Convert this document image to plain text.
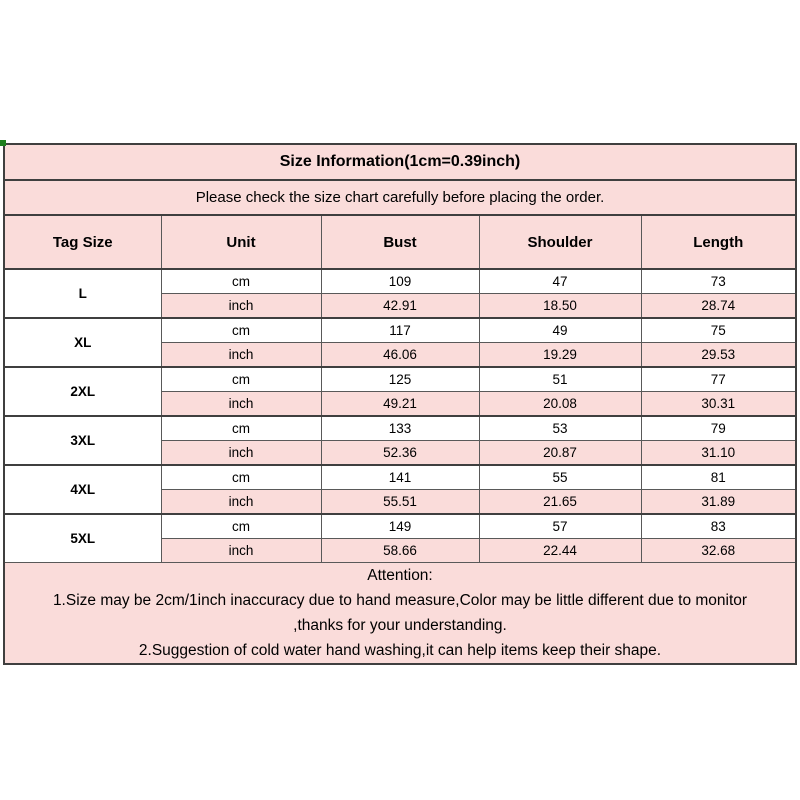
Size Information(1cm=0.39inch)				
Please check the size chart carefully before placing the order.				
Tag Size	Unit	Bust	Shoulder	Length
L	cm	109	47	73
	inch	42.91	18.50	28.74
XL	cm	117	49	75
	inch	46.06	19.29	29.53
2XL	cm	125	51	77
	inch	49.21	20.08	30.31
3XL	cm	133	53	79
	inch	52.36	20.87	31.10
4XL	cm	141	55	81
	inch	55.51	21.65	31.89
5XL	cm	149	57	83
	inch	58.66	22.44	32.68

Attention:
1.Size may be 2cm/1inch inaccuracy due to hand measure,Color may be little different due to monitor
,thanks for your understanding.
2.Suggestion of cold water hand washing,it can help items keep their shape.				
